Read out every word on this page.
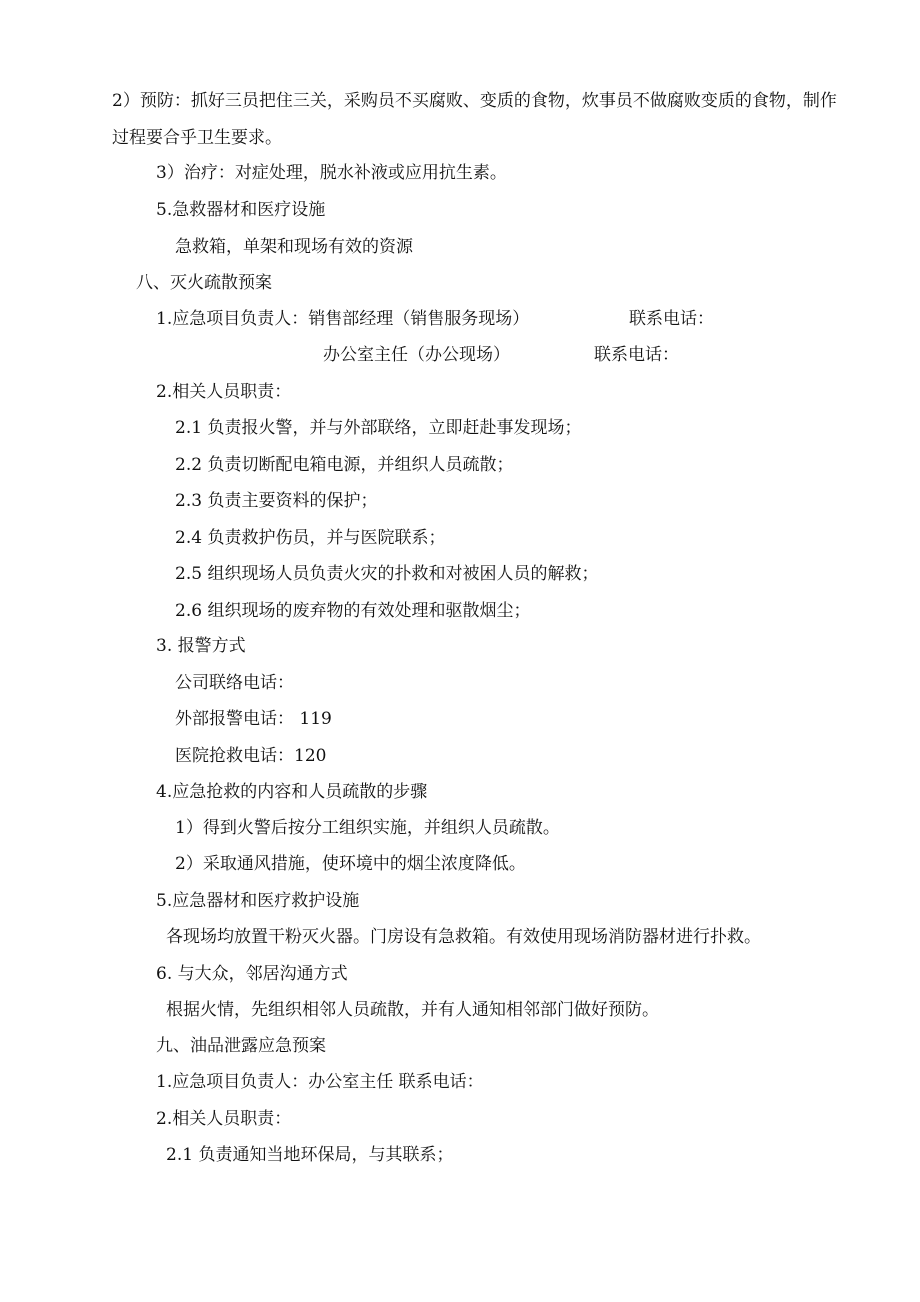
2）预防：抓好三员把住三关，采购员不买腐败、变质的食物，炊事员不做腐败变质的食物，制作过程要合乎卫生要求。
3）治疗：对症处理，脱水补液或应用抗生素。
5.急救器材和医疗设施
急救箱，单架和现场有效的资源
八、灭火疏散预案
1.应急项目负责人：销售部经理（销售服务现场）	联系电话：
办公室主任（办公现场）	联系电话：
2.相关人员职责：
2.1 负责报火警，并与外部联络，立即赶赴事发现场；
2.2 负责切断配电箱电源，并组织人员疏散；
2.3 负责主要资料的保护；
2.4 负责救护伤员，并与医院联系；
2.5 组织现场人员负责火灾的扑救和对被困人员的解救；
2.6 组织现场的废弃物的有效处理和驱散烟尘；
3. 报警方式
公司联络电话：
外部报警电话： 119
医院抢救电话：120
4.应急抢救的内容和人员疏散的步骤
1）得到火警后按分工组织实施，并组织人员疏散。
2）采取通风措施，使环境中的烟尘浓度降低。
5.应急器材和医疗救护设施
各现场均放置干粉灭火器。门房设有急救箱。有效使用现场消防器材进行扑救。
6. 与大众，邻居沟通方式
根据火情，先组织相邻人员疏散，并有人通知相邻部门做好预防。
九、油品泄露应急预案
1.应急项目负责人：办公室主任 联系电话：
2.相关人员职责：
2.1 负责通知当地环保局，与其联系；
